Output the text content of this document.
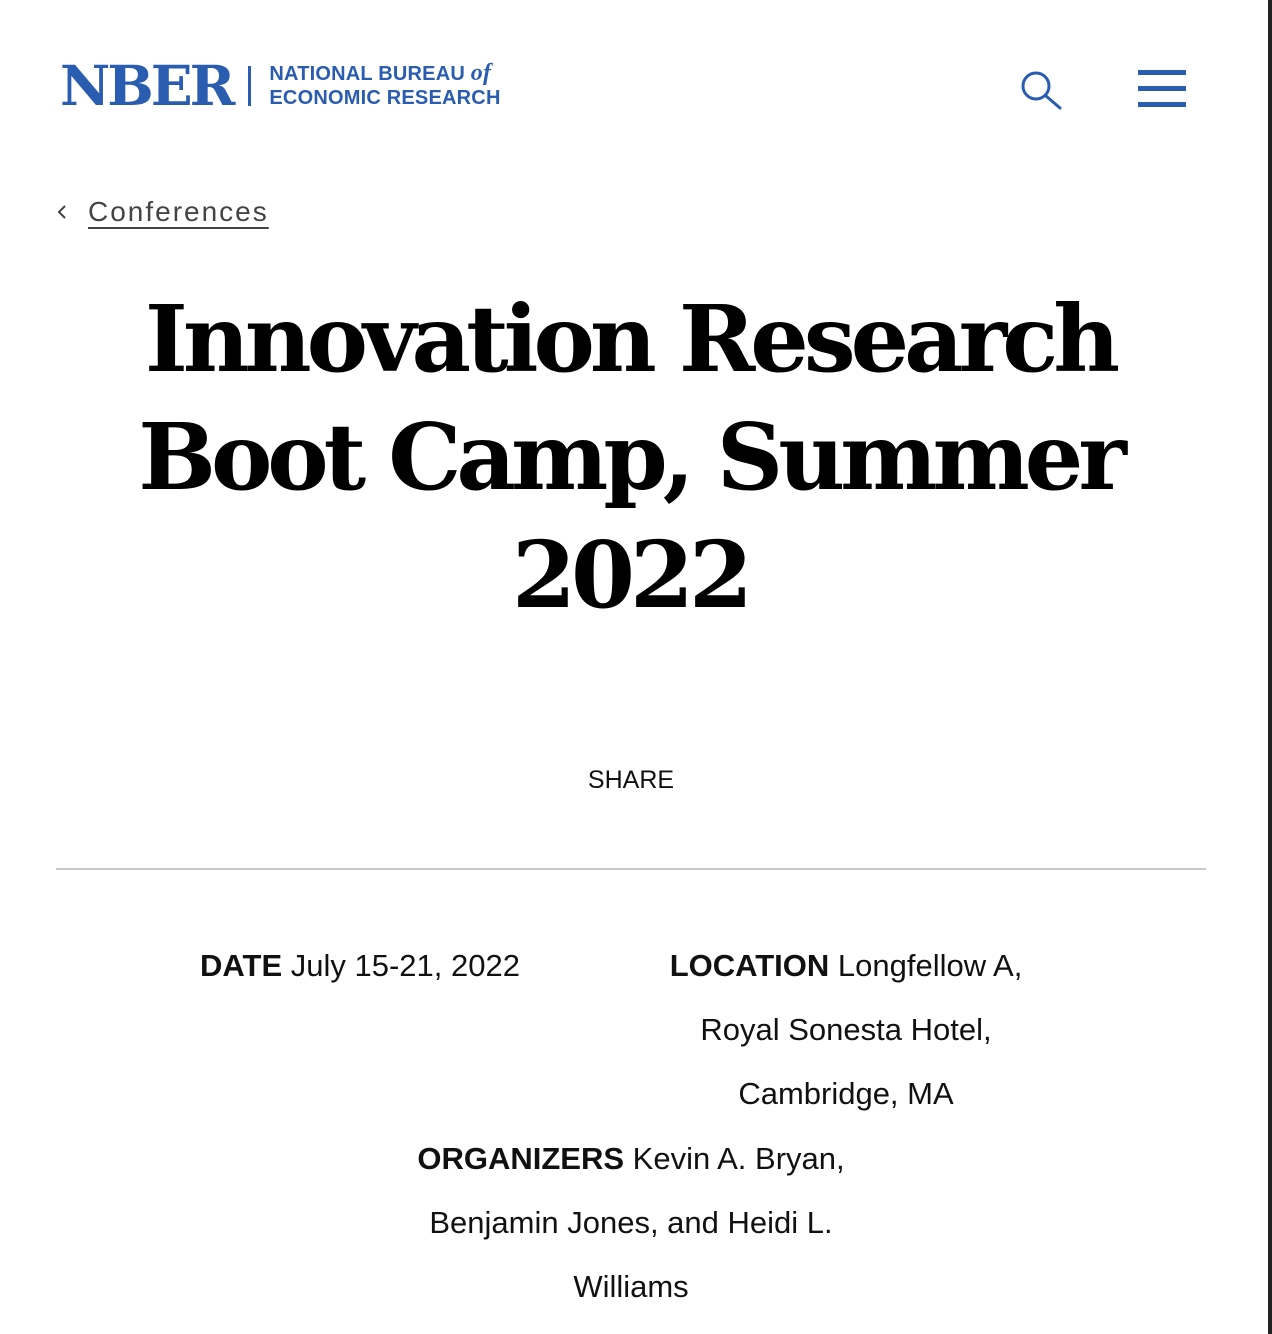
NBER NATIONAL BUREAU of
ECONOMIC RESEARCH
Conferences
Innovation Research
Boot Camp, Summer
2022
SHARE
DATE July 15-21, 2022	LOCATION Longfellow A,
Royal Sonesta Hotel,
Cambridge, MA
ORGANIZERS Kevin A. Bryan,
Benjamin Jones, and Heidi L.
Williams
